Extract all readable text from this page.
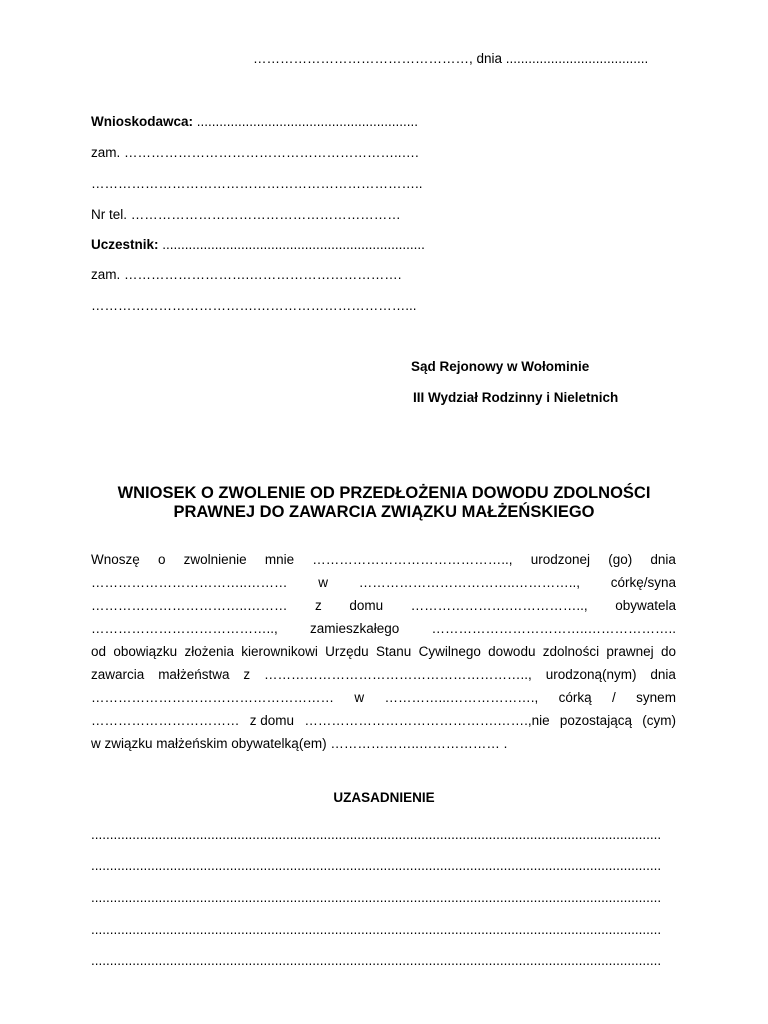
…………………………………………, dnia ......................................
Wnioskodawca: ...........................................................
zam. ……………………………………………………..….
………………………………………………………………..
Nr tel. ……………………………………………………
Uczestnik: ......................................................................
zam. ……………………….…………………………….
……………………………….……………………………...
Sąd Rejonowy w Wołominie
III Wydział Rodzinny i Nieletnich
WNIOSEK O ZWOLENIE OD PRZEDŁOŻENIA DOWODU ZDOLNOŚCI
PRAWNEJ DO ZAWARCIA ZWIĄZKU MAŁŻEŃSKIEGO
Wnoszę o zwolnienie mnie …………………………………….., urodzonej (go) dnia
……………………………..……… w ……………………………..………….., córkę/syna
……………………………..……… z domu ………………….…………….., obywatela
………………………………….., zamieszkałego ……………………………..………………..
od obowiązku złożenia kierownikowi Urzędu Stanu Cywilnego dowodu zdolności prawnej do
zawarcia małżeństwa z ………………………………………………….., urodzoną(nym) dnia
……………………………………………… w …………...………………., córką / synem
…………………………… z domu …………………………………….…….,nie pozostającą (cym)
w związku małżeńskim obywatelką(em) ………………..……………… .
UZASADNIENIE
........................................................................................................................................................
........................................................................................................................................................
........................................................................................................................................................
........................................................................................................................................................
........................................................................................................................................................
